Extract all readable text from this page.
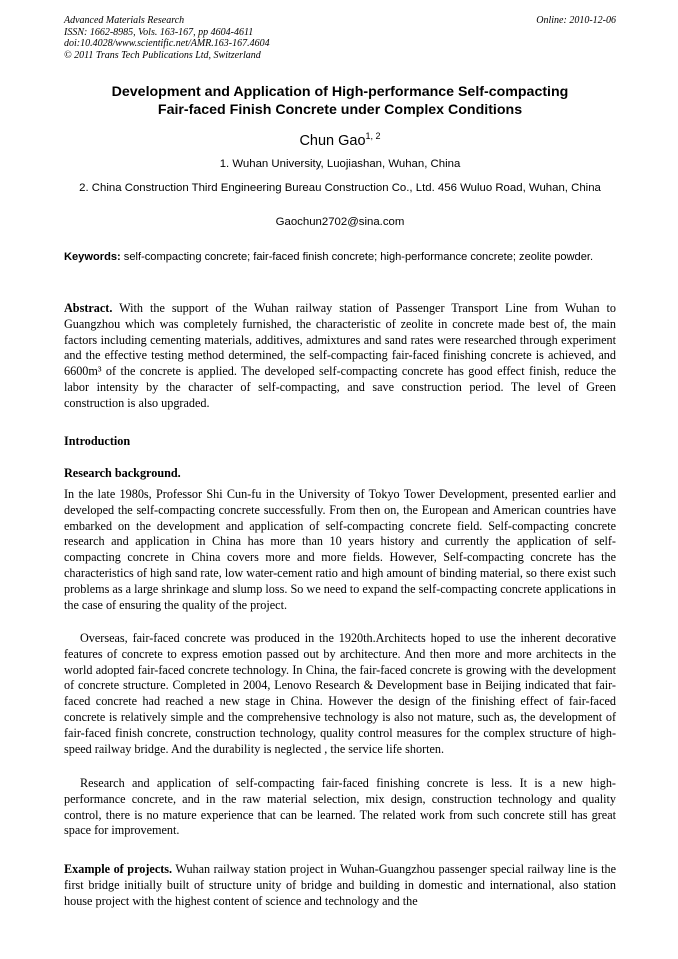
Advanced Materials Research
ISSN: 1662-8985, Vols. 163-167, pp 4604-4611
doi:10.4028/www.scientific.net/AMR.163-167.4604
© 2011 Trans Tech Publications Ltd, Switzerland
Online: 2010-12-06
Development and Application of High-performance Self-compacting
Fair-faced Finish Concrete under Complex Conditions
Chun Gao$^{1, 2}$
1. Wuhan University, Luojiashan, Wuhan, China
2. China Construction Third Engineering Bureau Construction Co., Ltd. 456 Wuluo Road, Wuhan, China
Gaochun2702@sina.com
Keywords: self-compacting concrete; fair-faced finish concrete; high-performance concrete; zeolite powder.
Abstract. With the support of the Wuhan railway station of Passenger Transport Line from Wuhan to Guangzhou which was completely furnished, the characteristic of zeolite in concrete made best of, the main factors including cementing materials, additives, admixtures and sand rates were researched through experiment and the effective testing method determined, the self-compacting fair-faced finishing concrete is achieved, and 6600m³ of the concrete is applied. The developed self-compacting concrete has good effect finish, reduce the labor intensity by the character of self-compacting, and save construction period. The level of Green construction is also upgraded.
Introduction
Research background.
In the late 1980s, Professor Shi Cun-fu in the University of Tokyo Tower Development, presented earlier and developed the self-compacting concrete successfully. From then on, the European and American countries have embarked on the development and application of self-compacting concrete field. Self-compacting concrete research and application in China has more than 10 years history and currently the application of self-compacting concrete in China covers more and more fields. However, Self-compacting concrete has the characteristics of high sand rate, low water-cement ratio and high amount of binding material, so there exist such problems as a large shrinkage and slump loss. So we need to expand the self-compacting concrete applications in the case of ensuring the quality of the project.
Overseas, fair-faced concrete was produced in the 1920th.Architects hoped to use the inherent decorative features of concrete to express emotion passed out by architecture. And then more and more architects in the world adopted fair-faced concrete technology. In China, the fair-faced concrete is growing with the development of concrete structure. Completed in 2004, Lenovo Research & Development base in Beijing indicated that fair-faced concrete had reached a new stage in China. However the design of the finishing effect of fair-faced concrete is relatively simple and the comprehensive technology is also not mature, such as, the development of fair-faced finish concrete, construction technology, quality control measures for the complex structure of high-speed railway bridge. And the durability is neglected , the service life shorten.
Research and application of self-compacting fair-faced finishing concrete is less. It is a new high-performance concrete, and in the raw material selection, mix design, construction technology and quality control, there is no mature experience that can be learned. The related work from such concrete still has great space for improvement.
Example of projects. Wuhan railway station project in Wuhan-Guangzhou passenger special railway line is the first bridge initially built of structure unity of bridge and building in domestic and international, also station house project with the highest content of science and technology and the
